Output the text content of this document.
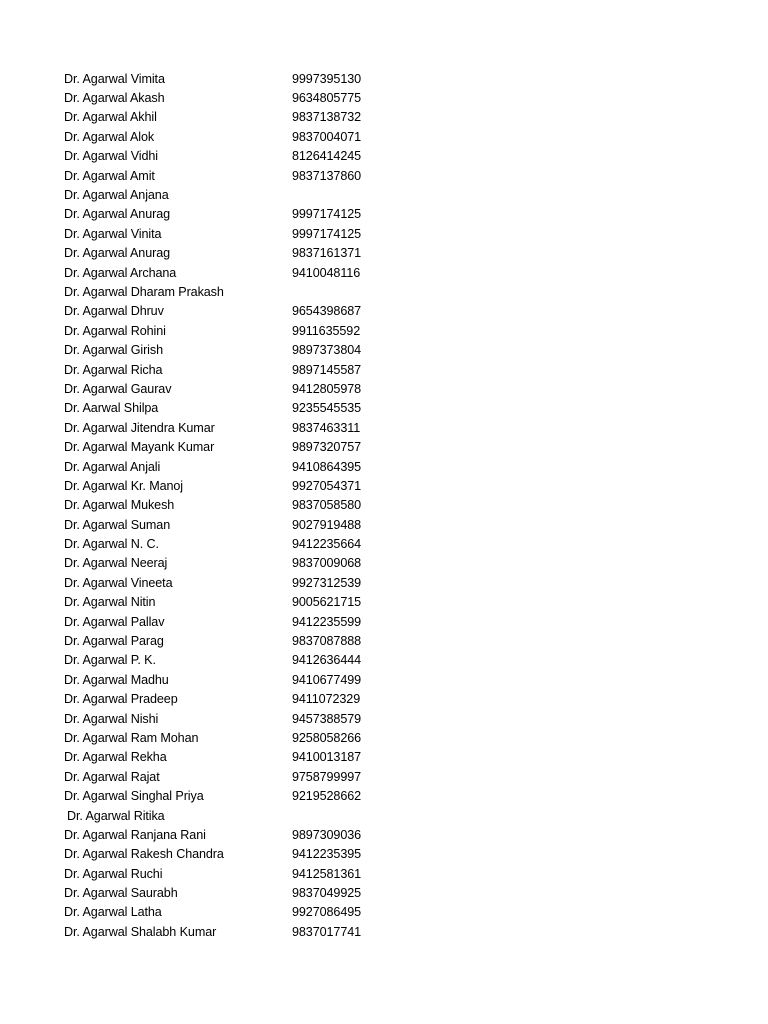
Dr. Agarwal Vimita	9997395130
Dr. Agarwal Akash	9634805775
Dr. Agarwal Akhil	9837138732
Dr. Agarwal Alok	9837004071
Dr. Agarwal Vidhi	8126414245
Dr. Agarwal Amit	9837137860
Dr. Agarwal Anjana
Dr. Agarwal Anurag	9997174125
Dr. Agarwal Vinita	9997174125
Dr. Agarwal Anurag	9837161371
Dr. Agarwal Archana	9410048116
Dr. Agarwal Dharam Prakash
Dr. Agarwal Dhruv	9654398687
Dr. Agarwal Rohini	9911635592
Dr. Agarwal Girish	9897373804
Dr. Agarwal Richa	9897145587
Dr. Agarwal Gaurav	9412805978
Dr. Aarwal Shilpa	9235545535
Dr. Agarwal Jitendra Kumar	9837463311
Dr. Agarwal Mayank Kumar	9897320757
Dr. Agarwal Anjali	9410864395
Dr. Agarwal Kr. Manoj	9927054371
Dr. Agarwal Mukesh	9837058580
Dr. Agarwal Suman	9027919488
Dr. Agarwal N. C.	9412235664
Dr. Agarwal Neeraj	9837009068
Dr. Agarwal Vineeta	9927312539
Dr. Agarwal Nitin	9005621715
Dr. Agarwal Pallav	9412235599
Dr. Agarwal Parag	9837087888
Dr. Agarwal P. K.	9412636444
Dr. Agarwal Madhu	9410677499
Dr. Agarwal Pradeep	9411072329
Dr. Agarwal Nishi	9457388579
Dr. Agarwal Ram Mohan	9258058266
Dr. Agarwal Rekha	9410013187
Dr. Agarwal Rajat	9758799997
Dr. Agarwal Singhal Priya	9219528662
Dr. Agarwal Ritika
Dr. Agarwal Ranjana Rani	9897309036
Dr. Agarwal Rakesh Chandra	9412235395
Dr. Agarwal Ruchi	9412581361
Dr. Agarwal Saurabh	9837049925
Dr. Agarwal Latha	9927086495
Dr. Agarwal Shalabh Kumar	9837017741
